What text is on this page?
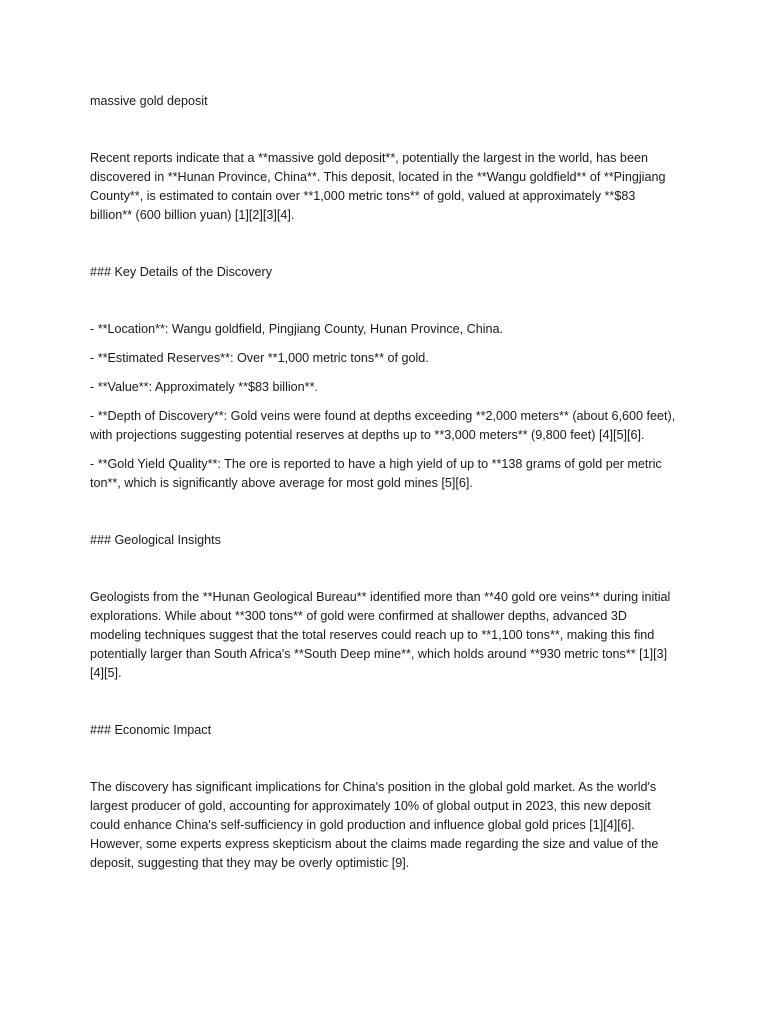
massive gold deposit

Recent reports indicate that a **massive gold deposit**, potentially the largest in the world, has been discovered in **Hunan Province, China**. This deposit, located in the **Wangu goldfield** of **Pingjiang County**, is estimated to contain over **1,000 metric tons** of gold, valued at approximately **$83 billion** (600 billion yuan) [1][2][3][4].

### Key Details of the Discovery

- **Location**: Wangu goldfield, Pingjiang County, Hunan Province, China.
- **Estimated Reserves**: Over **1,000 metric tons** of gold.
- **Value**: Approximately **$83 billion**.
- **Depth of Discovery**: Gold veins were found at depths exceeding **2,000 meters** (about 6,600 feet), with projections suggesting potential reserves at depths up to **3,000 meters** (9,800 feet) [4][5][6].
- **Gold Yield Quality**: The ore is reported to have a high yield of up to **138 grams of gold per metric ton**, which is significantly above average for most gold mines [5][6].

### Geological Insights

Geologists from the **Hunan Geological Bureau** identified more than **40 gold ore veins** during initial explorations. While about **300 tons** of gold were confirmed at shallower depths, advanced 3D modeling techniques suggest that the total reserves could reach up to **1,100 tons**, making this find potentially larger than South Africa's **South Deep mine**, which holds around **930 metric tons** [1][3][4][5].

### Economic Impact

The discovery has significant implications for China's position in the global gold market. As the world's largest producer of gold, accounting for approximately 10% of global output in 2023, this new deposit could enhance China's self-sufficiency in gold production and influence global gold prices [1][4][6]. However, some experts express skepticism about the claims made regarding the size and value of the deposit, suggesting that they may be overly optimistic [9].
